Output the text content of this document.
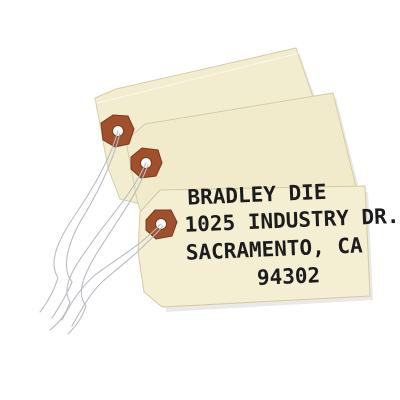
BRADLEY DIE
1025 INDUSTRY DR.
SACRAMENTO, CA
94302
